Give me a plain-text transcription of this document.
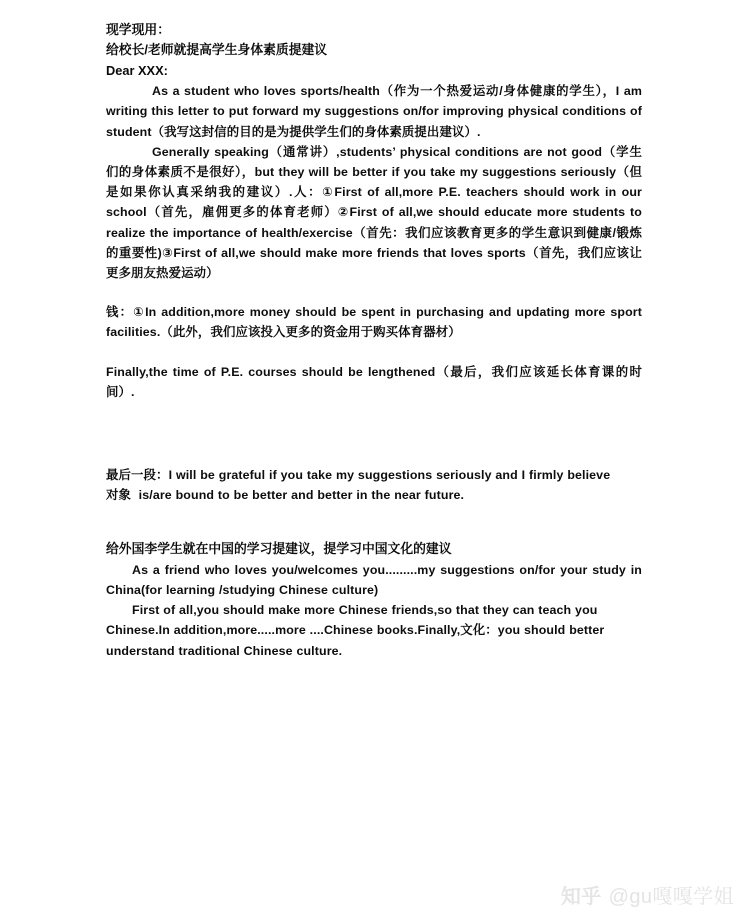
现学现用：

给校长/老师就提高学生身体素质提建议

Dear XXX:

As a student who loves sports/health（作为一个热爱运动/身体健康的学生），I am writing this letter to put forward my suggestions on/for improving physical conditions of student（我写这封信的目的是为提供学生们的身体素质提出建议）.

Generally speaking（通常讲）,students’ physical conditions are not good（学生们的身体素质不是很好），but they will be better if you take my suggestions seriously（但是如果你认真采纳我的建议）.人：①First of all,more P.E. teachers should work in our school（首先，雇佣更多的体育老师）②First of all,we should educate more students to realize the importance of health/exercise（首先：我们应该教育更多的学生意识到健康/锻炼的重要性)③First of all,we should make more friends that loves sports（首先，我们应该让更多朋友热爱运动）

钱：①In addition,more money should be spent in purchasing and updating more sport facilities.（此外，我们应该投入更多的资金用于购买体育器材）

Finally,the time of P.E. courses should be lengthened（最后，我们应该延长体育课的时间）.

最后一段：I will be grateful if you take my suggestions seriously and I firmly believe
对象 is/are bound to be better and better in the near future.

给外国李学生就在中国的学习提建议，提学习中国文化的建议

As a friend who loves you/welcomes you.........my suggestions on/for your study in China(for learning /studying Chinese culture)

First of all,you should make more Chinese friends,so that they can teach you Chinese.In addition,more.....more ....Chinese books.Finally,文化：you should better understand traditional Chinese culture.

知乎 @gu嘎嘎学姐
